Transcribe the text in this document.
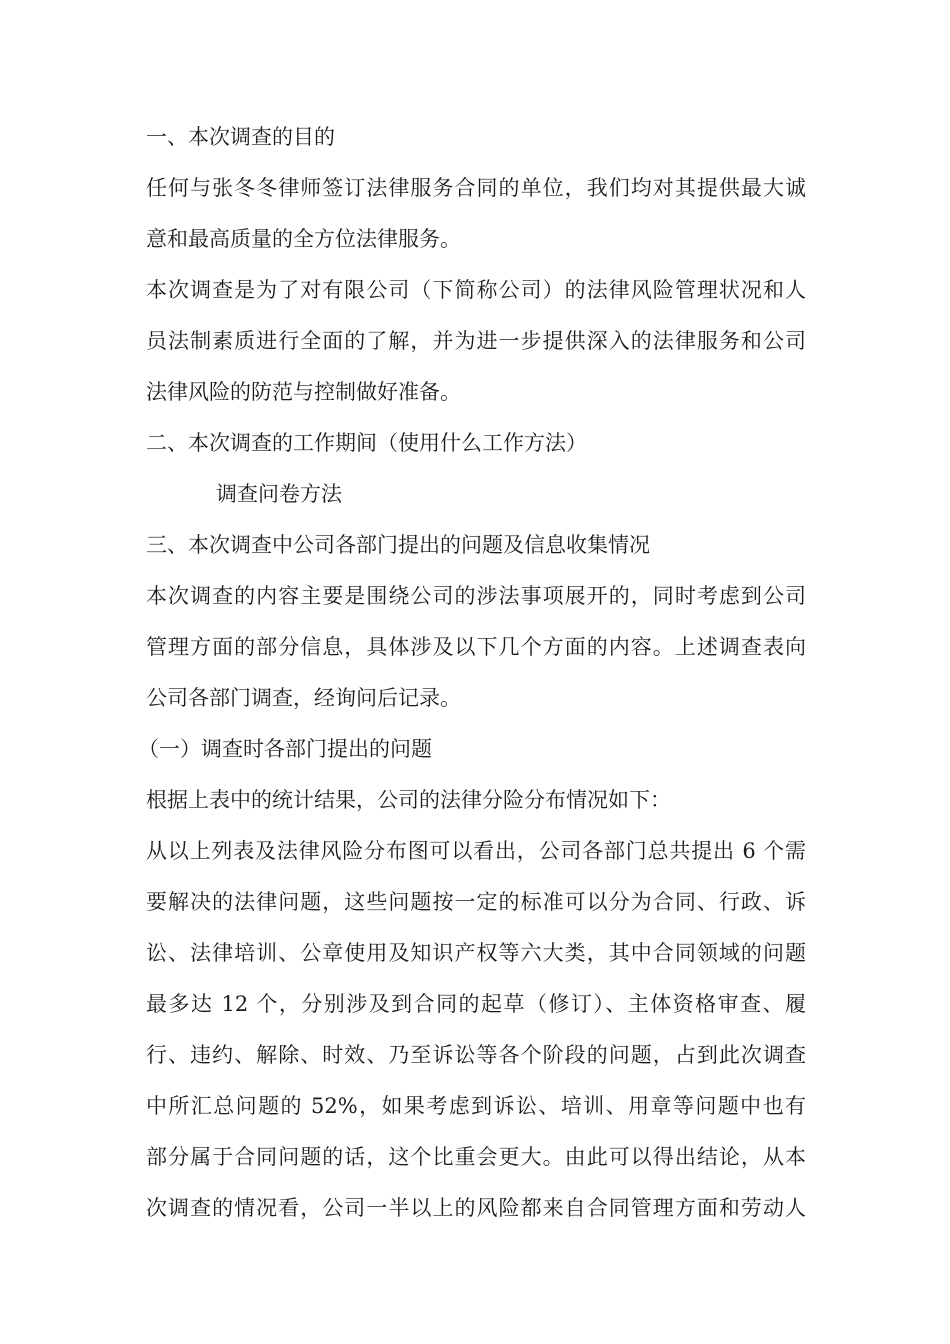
一、本次调查的目的
任何与张冬冬律师签订法律服务合同的单位，我们均对其提供最大诚
意和最高质量的全方位法律服务。
本次调查是为了对有限公司（下简称公司）的法律风险管理状况和人
员法制素质进行全面的了解，并为进一步提供深入的法律服务和公司
法律风险的防范与控制做好准备。
二、本次调查的工作期间（使用什么工作方法）
调查问卷方法
三、本次调查中公司各部门提出的问题及信息收集情况
本次调查的内容主要是围绕公司的涉法事项展开的，同时考虑到公司
管理方面的部分信息，具体涉及以下几个方面的内容。上述调查表向
公司各部门调查，经询问后记录。
（一）调查时各部门提出的问题
根据上表中的统计结果，公司的法律分险分布情况如下：
从以上列表及法律风险分布图可以看出，公司各部门总共提出 6 个需
要解决的法律问题，这些问题按一定的标准可以分为合同、行政、诉
讼、法律培训、公章使用及知识产权等六大类，其中合同领域的问题
最多达 12 个，分别涉及到合同的起草（修订）、主体资格审查、履
行、违约、解除、时效、乃至诉讼等各个阶段的问题，占到此次调查
中所汇总问题的 52%，如果考虑到诉讼、培训、用章等问题中也有
部分属于合同问题的话，这个比重会更大。由此可以得出结论，从本
次调查的情况看，公司一半以上的风险都来自合同管理方面和劳动人
